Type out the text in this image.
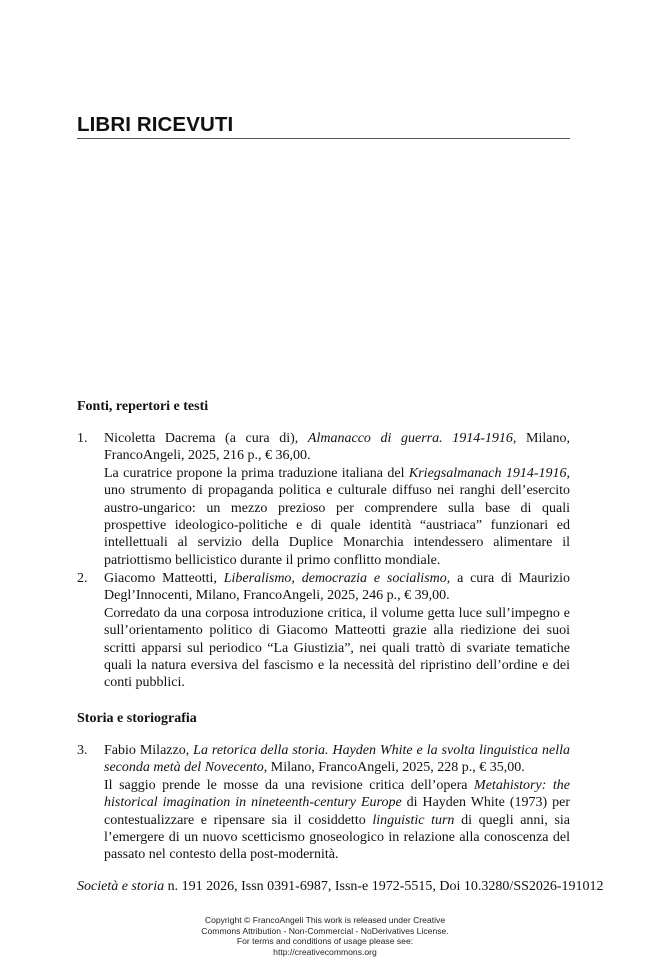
LIBRI RICEVUTI
Fonti, repertori e testi
1. Nicoletta Dacrema (a cura di), Almanacco di guerra. 1914-1916, Milano, FrancoAngeli, 2025, 216 p., € 36,00.

La curatrice propone la prima traduzione italiana del Kriegsalmanach 1914-1916, uno strumento di propaganda politica e culturale diffuso nei ranghi dell’esercito austro-ungarico: un mezzo prezioso per comprendere sulla base di quali prospettive ideologico-politiche e di quale identità “austriaca” funzionari ed intellettuali al servizio della Duplice Monarchia intendessero alimentare il patriottismo bellicistico durante il primo conflitto mondiale.

2. Giacomo Matteotti, Liberalismo, democrazia e socialismo, a cura di Maurizio Degl’Innocenti, Milano, FrancoAngeli, 2025, 246 p., € 39,00.

Corredato da una corposa introduzione critica, il volume getta luce sull’impegno e sull’orientamento politico di Giacomo Matteotti grazie alla riedizione dei suoi scritti apparsi sul periodico “La Giustizia”, nei quali trattò di svariate tematiche quali la natura eversiva del fascismo e la necessità del ripristino dell’ordine e dei conti pubblici.

Storia e storiografia
3. Fabio Milazzo, La retorica della storia. Hayden White e la svolta linguistica nella seconda metà del Novecento, Milano, FrancoAngeli, 2025, 228 p., € 35,00.

Il saggio prende le mosse da una revisione critica dell’opera Metahistory: the historical imagination in nineteenth-century Europe di Hayden White (1973) per contestualizzare e ripensare sia il cosiddetto linguistic turn di quegli anni, sia l’emergere di un nuovo scetticismo gnoseologico in relazione alla conoscenza del passato nel contesto della post-modernità.

Società e storia n. 191 2026, Issn 0391-6987, Issn-e 1972-5515, Doi 10.3280/SS2026-191012
Copyright © FrancoAngeli This work is released under Creative
Commons Attribution - Non-Commercial - NoDerivatives License.
For terms and conditions of usage please see:
http://creativecommons.org
